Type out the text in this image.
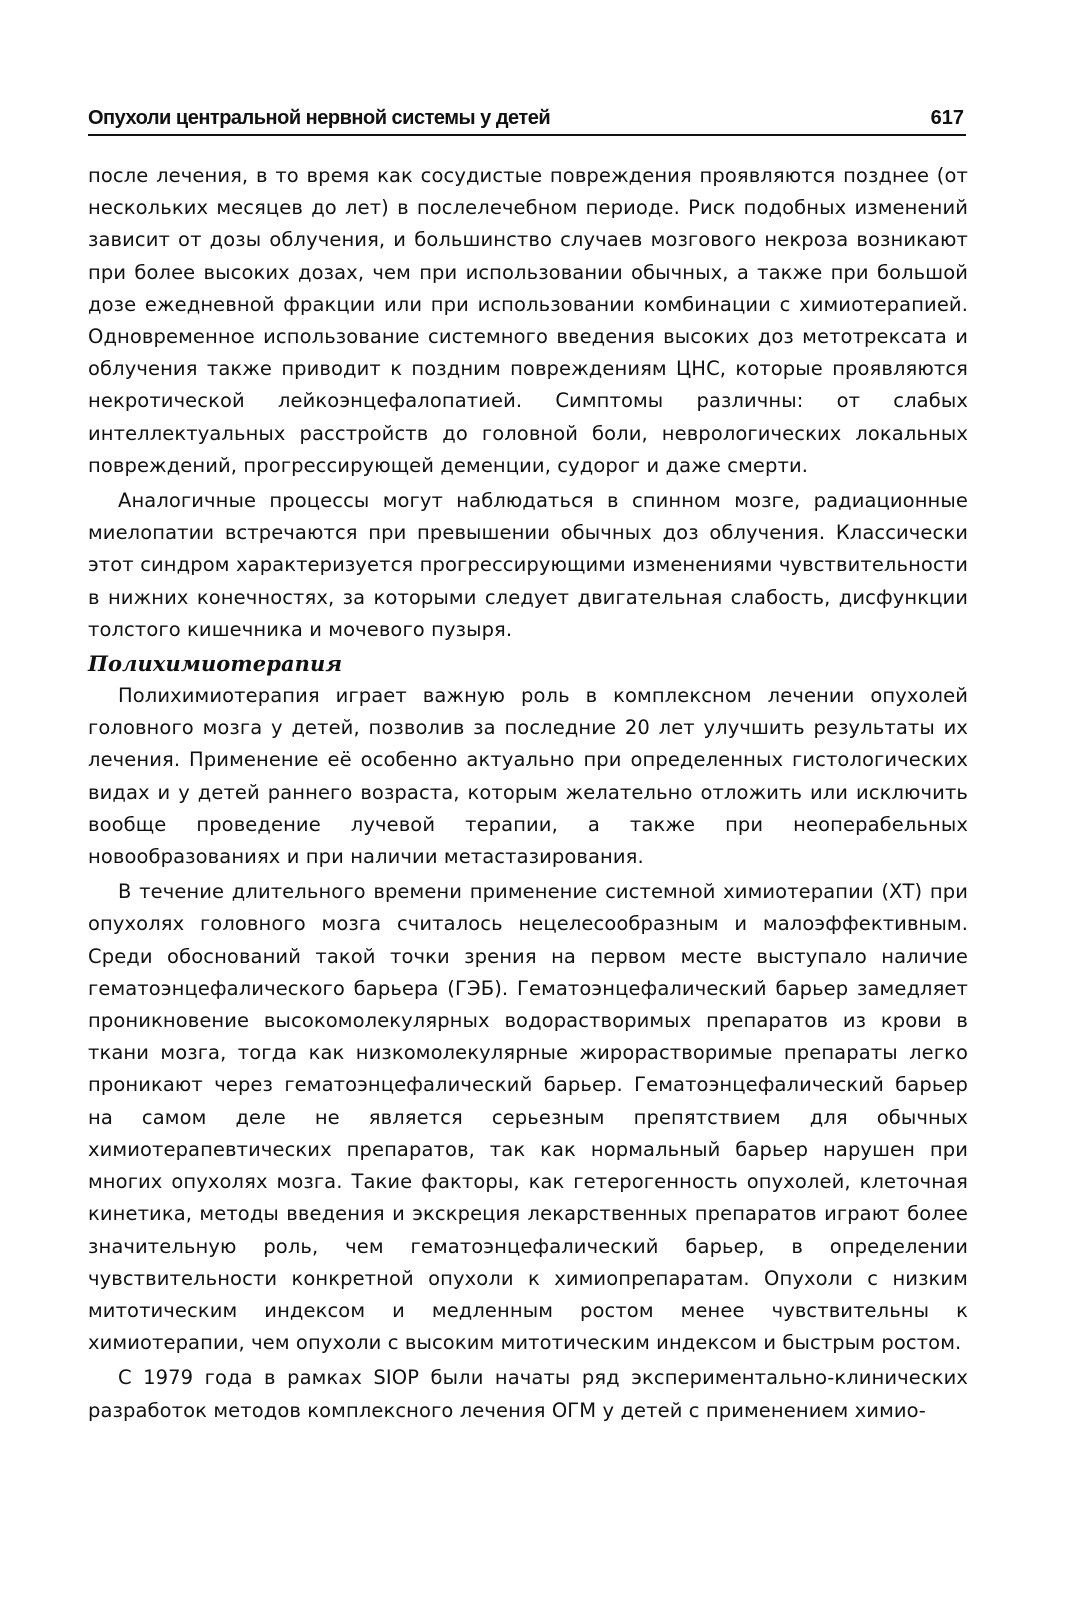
Опухоли центральной нервной системы у детей	617

после лечения, в то время как сосудистые повреждения проявляются позднее (от нескольких месяцев до лет) в послелечебном периоде. Риск подобных изменений зависит от дозы облучения, и большинство случаев мозгового некроза возникают при более высоких дозах, чем при использовании обычных, а также при большой дозе ежедневной фракции или при использовании комбинации с химиотерапией. Одновременное использование системного введения высоких доз метотрексата и облучения также приводит к поздним повреждениям ЦНС, которые проявляются некротической лейкоэнцефалопатией. Симптомы различны: от слабых интеллектуальных расстройств до головной боли, неврологических локальных повреждений, прогрессирующей деменции, судорог и даже смерти.

Аналогичные процессы могут наблюдаться в спинном мозге, радиационные миелопатии встречаются при превышении обычных доз облучения. Классически этот синдром характеризуется прогрессирующими изменениями чувствительности в нижних конечностях, за которыми следует двигательная слабость, дисфункции толстого кишечника и мочевого пузыря.

Полихимиотерапия

Полихимиотерапия играет важную роль в комплексном лечении опухолей головного мозга у детей, позволив за последние 20 лет улучшить результаты их лечения. Применение её особенно актуально при определенных гистологических видах и у детей раннего возраста, которым желательно отложить или исключить вообще проведение лучевой терапии, а также при неоперабельных новообразованиях и при наличии метастазирования.

В течение длительного времени применение системной химиотерапии (ХТ) при опухолях головного мозга считалось нецелесообразным и малоэффективным. Среди обоснований такой точки зрения на первом месте выступало наличие гематоэнцефалического барьера (ГЭБ). Гематоэнцефалический барьер замедляет проникновение высокомолекулярных водорастворимых препаратов из крови в ткани мозга, тогда как низкомолекулярные жирорастворимые препараты легко проникают через гематоэнцефалический барьер. Гематоэнцефалический барьер на самом деле не является серьезным препятствием для обычных химиотерапевтических препаратов, так как нормальный барьер нарушен при многих опухолях мозга. Такие факторы, как гетерогенность опухолей, клеточная кинетика, методы введения и экскреция лекарственных препаратов играют более значительную роль, чем гематоэнцефалический барьер, в определении чувствительности конкретной опухоли к химиопрепаратам. Опухоли с низким митотическим индексом и медленным ростом менее чувствительны к химиотерапии, чем опухоли с высоким митотическим индексом и быстрым ростом.

С 1979 года в рамках SIOP были начаты ряд экспериментально-клинических разработок методов комплексного лечения ОГМ у детей с применением химио-
